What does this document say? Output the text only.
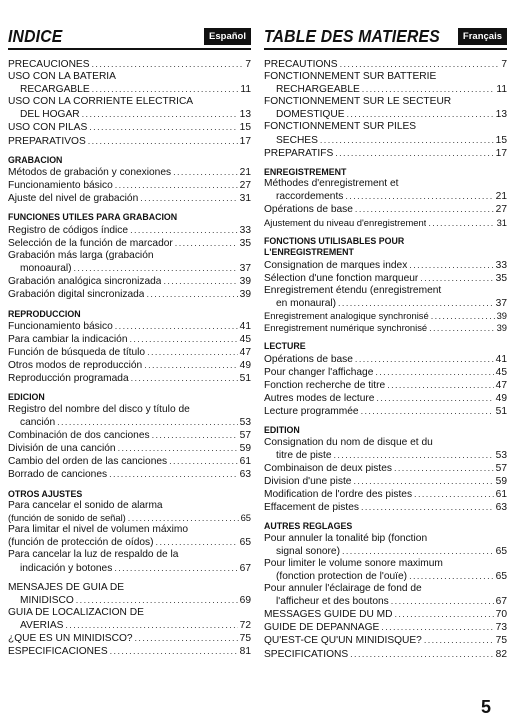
INDICE	Español
PRECAUCIONES .....	7
USO CON LA BATERIA
RECARGABLE .....	11
USO CON LA CORRIENTE ELECTRICA
DEL HOGAR .....	13
USO CON PILAS .....	15
PREPARATIVOS .....	17
GRABACION
Métodos de grabación y conexiones .....	21
Funcionamiento básico .....	27
Ajuste del nivel de grabación .....	31
FUNCIONES UTILES PARA GRABACION
Registro de códigos índice .....	33
Selección de la función de marcador .....	35
Grabación más larga (grabación
monoaural) .....	37
Grabación analógica sincronizada .....	39
Grabación digital sincronizada .....	39
REPRODUCCION
Funcionamiento básico .....	41
Para cambiar la indicación .....	45
Función de búsqueda de título .....	47
Otros modos de reproducción .....	49
Reproducción programada .....	51
EDICION
Registro del nombre del disco y título de
canción .....	53
Combinación de dos canciones .....	57
División de una canción .....	59
Cambio del orden de las canciones .....	61
Borrado de canciones .....	63
OTROS AJUSTES
Para cancelar el sonido de alarma
(función de sonido de señal) .....	65
Para limitar el nivel de volumen máximo
(función de protección de oídos) .....	65
Para cancelar la luz de respaldo de la
indicación y botones .....	67
MENSAJES DE GUIA DE
MINIDISCO .....	69
GUIA DE LOCALIZACION DE
AVERIAS .....	72
¿QUE ES UN MINIDISCO? .....	75
ESPECIFICACIONES .....	81
TABLE DES MATIERES	Français
PRECAUTIONS .....	7
FONCTIONNEMENT SUR BATTERIE
RECHARGEABLE .....	11
FONCTIONNEMENT SUR LE SECTEUR
DOMESTIQUE .....	13
FONCTIONNEMENT SUR PILES
SECHES .....	15
PREPARATIFS .....	17
ENREGISTREMENT
Méthodes d'enregistrement et
raccordements .....	21
Opérations de base .....	27
Ajustement du niveau d'enregistrement .....	31
FONCTIONS UTILISABLES POUR
L'ENREGISTREMENT
Consignation de marques index .....	33
Sélection d'une fonction marqueur .....	35
Enregistrement étendu (enregistrement
en monaural) .....	37
Enregistrement analogique synchronisé .....	39
Enregistrement numérique synchronisé .....	39
LECTURE
Opérations de base .....	41
Pour changer l'affichage .....	45
Fonction recherche de titre .....	47
Autres modes de lecture .....	49
Lecture programmée .....	51
EDITION
Consignation du nom de disque et du
titre de piste .....	53
Combinaison de deux pistes .....	57
Division d'une piste .....	59
Modification de l'ordre des pistes .....	61
Effacement de pistes .....	63
AUTRES REGLAGES
Pour annuler la tonalité bip (fonction
signal sonore) .....	65
Pour limiter le volume sonore maximum
(fonction protection de l'ouïe) .....	65
Pour annuler l'éclairage de fond de
l'afficheur et des boutons .....	67
MESSAGES GUIDE DU MD .....	70
GUIDE DE DEPANNAGE .....	73
QU'EST-CE QU'UN MINIDISQUE? .....	75
SPECIFICATIONS .....	82
5
